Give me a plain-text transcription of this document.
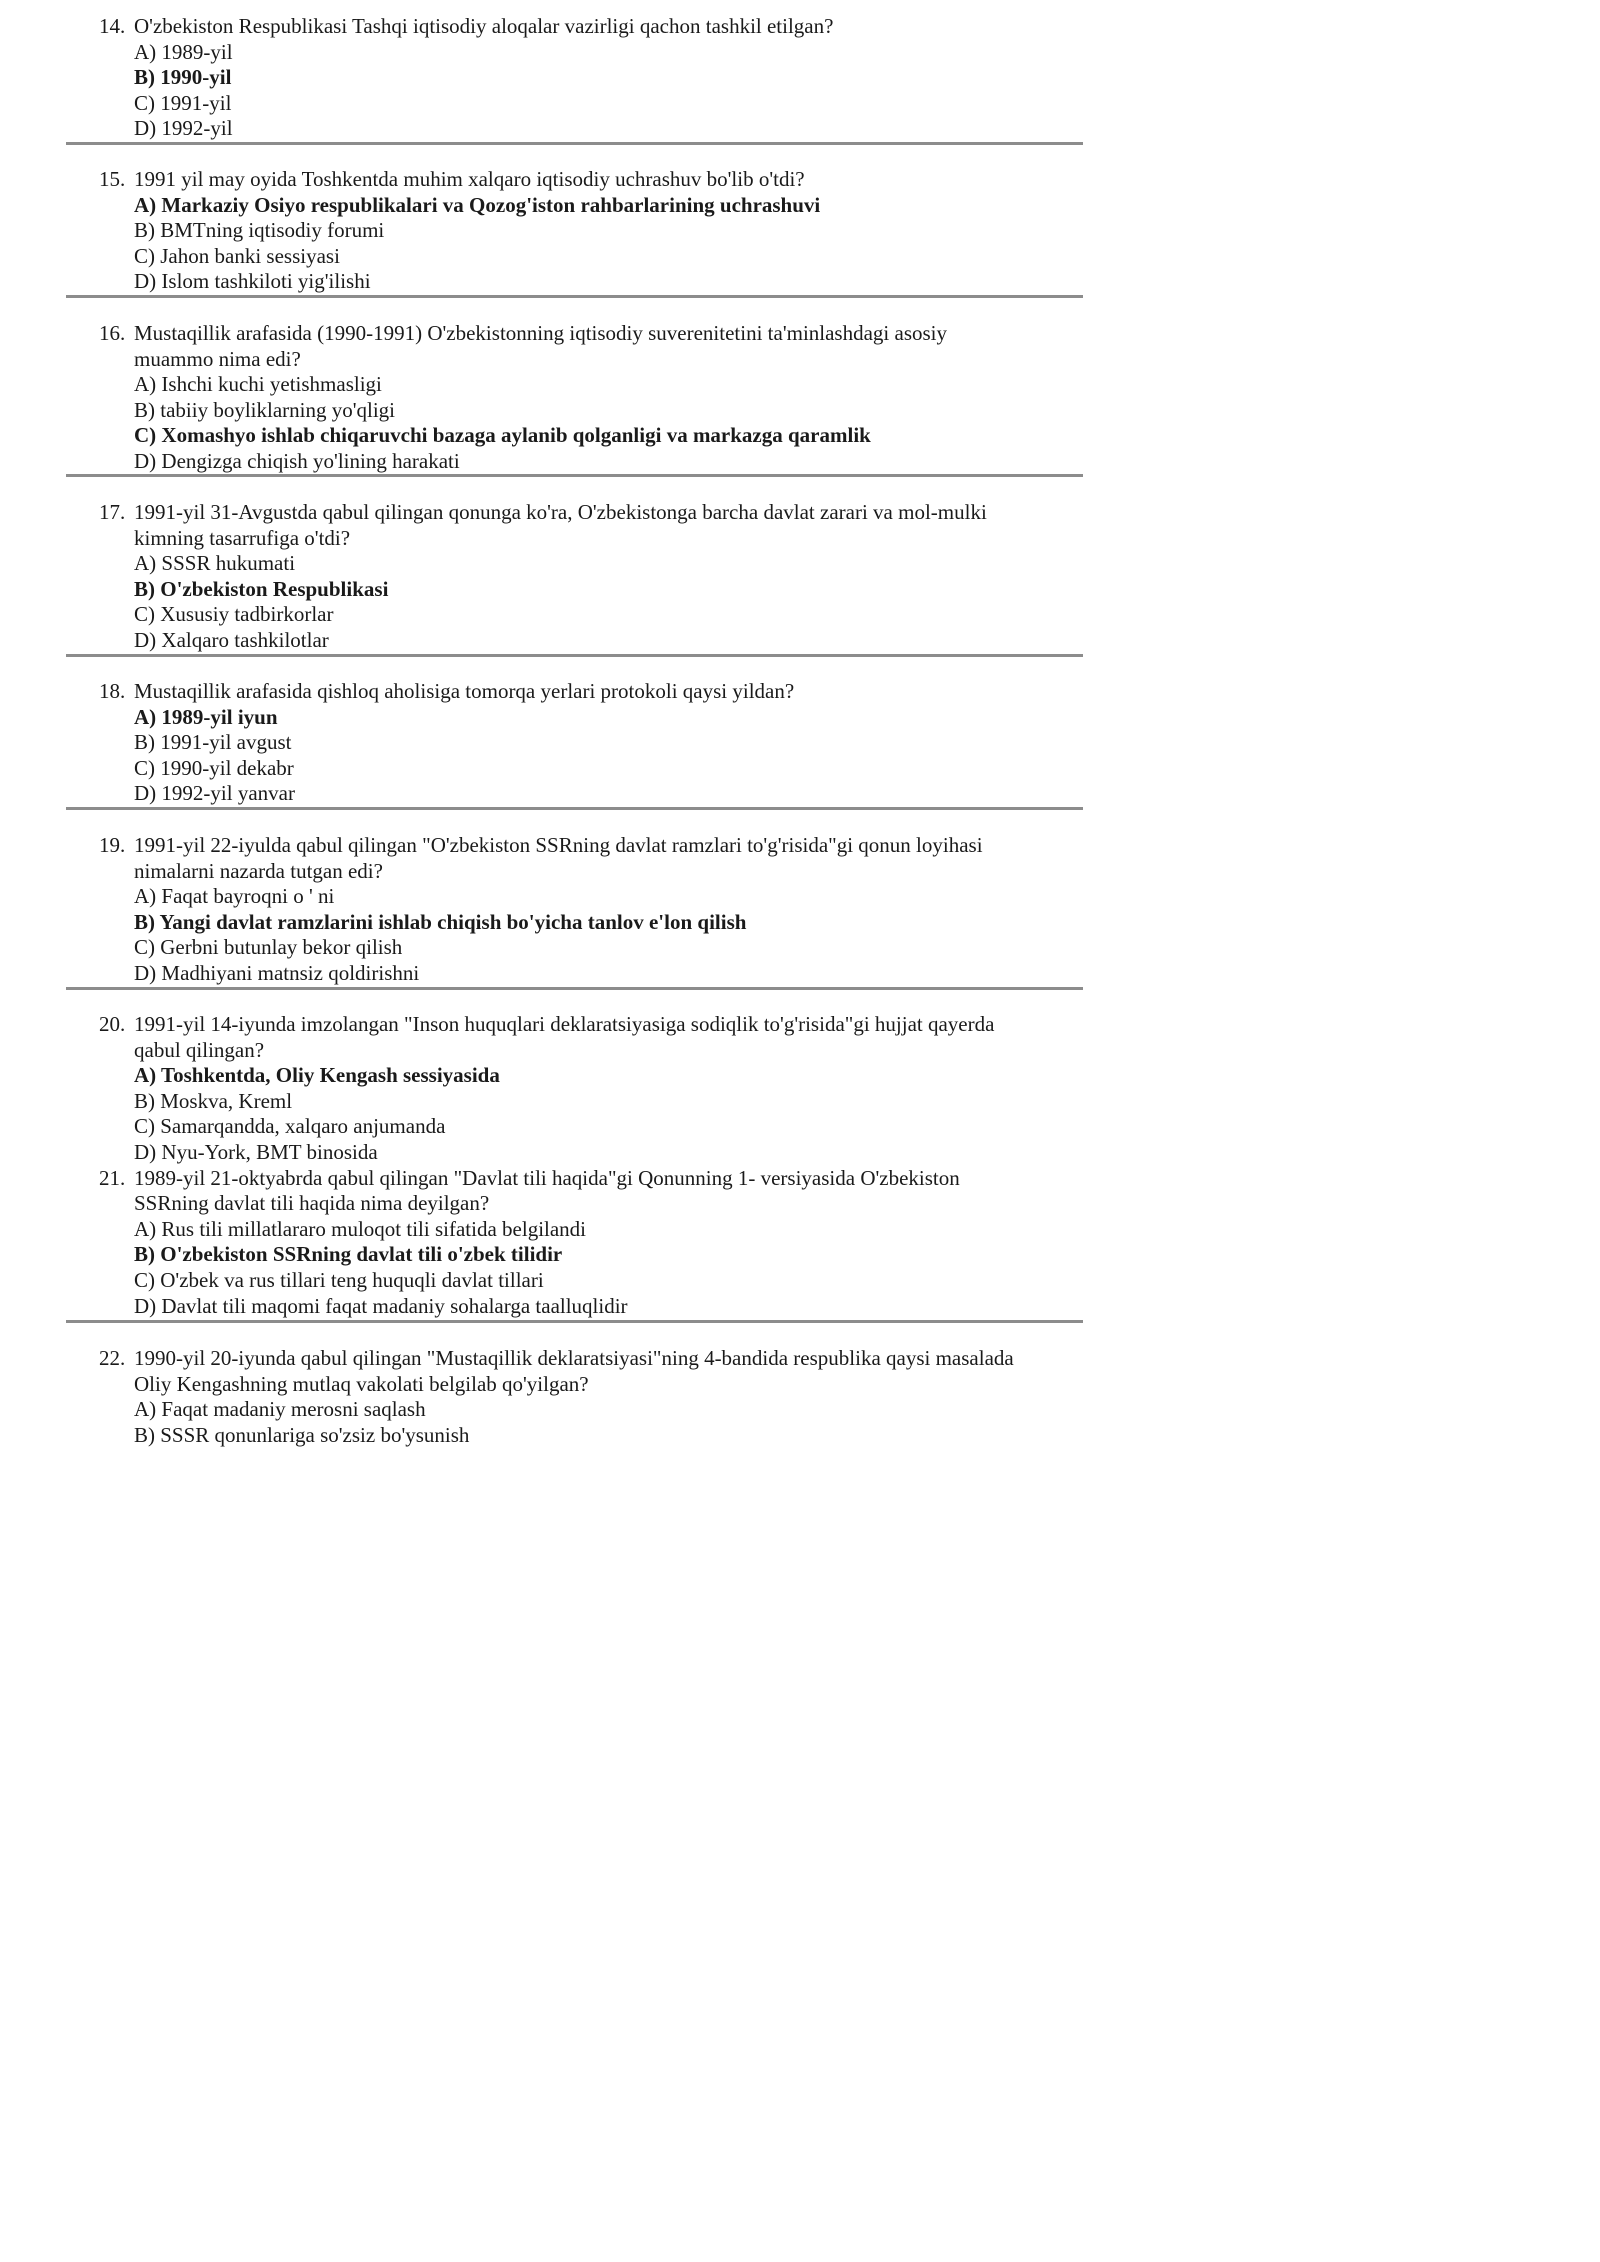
14. O'zbekiston Respublikasi Tashqi iqtisodiy aloqalar vazirligi qachon tashkil etilgan?
A) 1989-yil
B) 1990-yil
C) 1991-yil
D) 1992-yil
15. 1991 yil may oyida Toshkentda muhim xalqaro iqtisodiy uchrashuv bo'lib o'tdi?
A) Markaziy Osiyo respublikalari va Qozog'iston rahbarlarining uchrashuvi
B) BMTning iqtisodiy forumi
C) Jahon banki sessiyasi
D) Islom tashkiloti yig'ilishi
16. Mustaqillik arafasida (1990-1991) O'zbekistonning iqtisodiy suverenitetini ta'minlashdagi asosiy
muammo nima edi?
A) Ishchi kuchi yetishmasligi
B) tabiiy boyliklarning yo'qligi
C) Xomashyo ishlab chiqaruvchi bazaga aylanib qolganligi va markazga qaramlik
D) Dengizga chiqish yo'lining harakati
17. 1991-yil 31-Avgustda qabul qilingan qonunga ko'ra, O'zbekistonga barcha davlat zarari va mol-mulki
kimning tasarrufiga o'tdi?
A) SSSR hukumati
B) O'zbekiston Respublikasi
C) Xususiy tadbirkorlar
D) Xalqaro tashkilotlar
18. Mustaqillik arafasida qishloq aholisiga tomorqa yerlari protokoli qaysi yildan?
A) 1989-yil iyun
B) 1991-yil avgust
C) 1990-yil dekabr
D) 1992-yil yanvar
19. 1991-yil 22-iyulda qabul qilingan "O'zbekiston SSRning davlat ramzlari to'g'risida"gi qonun loyihasi
nimalarni nazarda tutgan edi?
A) Faqat bayroqni o ' ni
B) Yangi davlat ramzlarini ishlab chiqish bo'yicha tanlov e'lon qilish
C) Gerbni butunlay bekor qilish
D) Madhiyani matnsiz qoldirishni
20. 1991-yil 14-iyunda imzolangan "Inson huquqlari deklaratsiyasiga sodiqlik to'g'risida"gi hujjat qayerda
qabul qilingan?
A) Toshkentda, Oliy Kengash sessiyasida
B) Moskva, Kreml
C) Samarqandda, xalqaro anjumanda
D) Nyu-York, BMT binosida
21. 1989-yil 21-oktyabrda qabul qilingan "Davlat tili haqida"gi Qonunning 1- versiyasida O'zbekiston
SSRning davlat tili haqida nima deyilgan?
A) Rus tili millatlararo muloqot tili sifatida belgilandi
B) O'zbekiston SSRning davlat tili o'zbek tilidir
C) O'zbek va rus tillari teng huquqli davlat tillari
D) Davlat tili maqomi faqat madaniy sohalarga taalluqlidir
22. 1990-yil 20-iyunda qabul qilingan "Mustaqillik deklaratsiyasi"ning 4-bandida respublika qaysi masalada
Oliy Kengashning mutlaq vakolati belgilab qo'yilgan?
A) Faqat madaniy merosni saqlash
B) SSSR qonunlariga so'zsiz bo'ysunish
